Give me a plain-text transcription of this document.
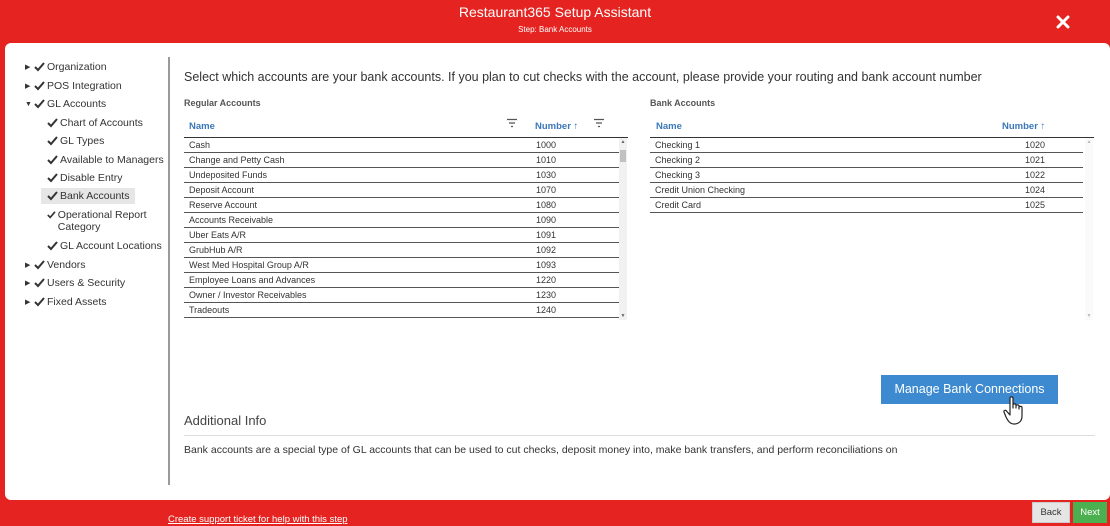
Restaurant365 Setup Assistant
Step: Bank Accounts
▶	Organization
▶	POS Integration
▼ GL Accounts
Chart of Accounts
GL Types
Available to Managers
Disable Entry
Bank Accounts
Operational Report Category
GL Account Locations
▶	Vendors
▶	Users & Security
▶	Fixed Assets
Select which accounts are your bank accounts. If you plan to cut checks with the account, please provide your routing and bank account number
Regular Accounts
Name	Number ↑
Cash	1000
Change and Petty Cash	1010
Undeposited Funds	1030
Deposit Account	1070
Reserve Account	1080
Accounts Receivable	1090
Uber Eats A/R	1091
GrubHub A/R	1092
West Med Hospital Group A/R	1093
Employee Loans and Advances	1220
Owner / Investor Receivables	1230
Tradeouts	1240
▲
▼
Bank Accounts
Name	Number ↑
Checking 1	1020
Checking 2	1021
Checking 3	1022
Credit Union Checking	1024
Credit Card	1025
▲
▼
Manage Bank Connections
Additional Info
Bank accounts are a special type of GL accounts that can be used to cut checks, deposit money into, make bank transfers, and perform reconciliations on
Create support ticket for help with this step
Back	Next
